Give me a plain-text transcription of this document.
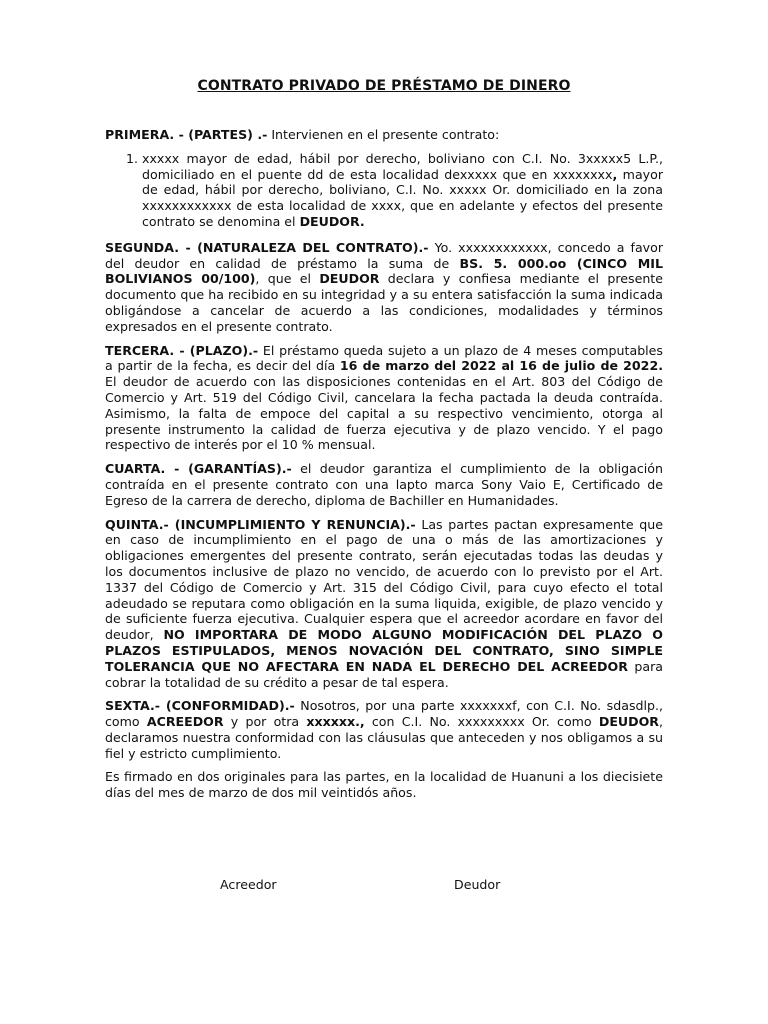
CONTRATO PRIVADO DE PRÉSTAMO DE DINERO

PRIMERA. - (PARTES) .- Intervienen en el presente contrato:

1. xxxxx mayor de edad, hábil por derecho, boliviano con C.I. No. 3xxxxx5 L.P., domiciliado en el puente dd de esta localidad dexxxxx que en xxxxxxxx, mayor de edad, hábil por derecho, boliviano, C.I. No. xxxxx Or. domiciliado en la zona xxxxxxxxxxxx de esta localidad de xxxx, que en adelante y efectos del presente contrato se denomina el DEUDOR.

SEGUNDA. - (NATURALEZA DEL CONTRATO).- Yo. xxxxxxxxxxxx, concedo a favor del deudor en calidad de préstamo la suma de BS. 5. 000.oo (CINCO MIL BOLIVIANOS 00/100), que el DEUDOR declara y confiesa mediante el presente documento que ha recibido en su integridad y a su entera satisfacción la suma indicada obligándose a cancelar de acuerdo a las condiciones, modalidades y términos expresados en el presente contrato.

TERCERA. - (PLAZO).- El préstamo queda sujeto a un plazo de 4 meses computables a partir de la fecha, es decir del día 16 de marzo del 2022 al 16 de julio de 2022. El deudor de acuerdo con las disposiciones contenidas en el Art. 803 del Código de Comercio y Art. 519 del Código Civil, cancelara la fecha pactada la deuda contraída. Asimismo, la falta de empoce del capital a su respectivo vencimiento, otorga al presente instrumento la calidad de fuerza ejecutiva y de plazo vencido. Y el pago respectivo de interés por el 10 % mensual.

CUARTA. - (GARANTÍAS).- el deudor garantiza el cumplimiento de la obligación contraída en el presente contrato con una lapto marca Sony Vaio E, Certificado de Egreso de la carrera de derecho, diploma de Bachiller en Humanidades.

QUINTA.- (INCUMPLIMIENTO Y RENUNCIA).- Las partes pactan expresamente que en caso de incumplimiento en el pago de una o más de las amortizaciones y obligaciones emergentes del presente contrato, serán ejecutadas todas las deudas y los documentos inclusive de plazo no vencido, de acuerdo con lo previsto por el Art. 1337 del Código de Comercio y Art. 315 del Código Civil, para cuyo efecto el total adeudado se reputara como obligación en la suma liquida, exigible, de plazo vencido y de suficiente fuerza ejecutiva. Cualquier espera que el acreedor acordare en favor del deudor, NO IMPORTARA DE MODO ALGUNO MODIFICACIÓN DEL PLAZO O PLAZOS ESTIPULADOS, MENOS NOVACIÓN DEL CONTRATO, SINO SIMPLE TOLERANCIA QUE NO AFECTARA EN NADA EL DERECHO DEL ACREEDOR para cobrar la totalidad de su crédito a pesar de tal espera.

SEXTA.- (CONFORMIDAD).- Nosotros, por una parte xxxxxxxf, con C.I. No. sdasdlp., como ACREEDOR y por otra xxxxxx., con C.I. No. xxxxxxxxx Or. como DEUDOR, declaramos nuestra conformidad con las cláusulas que anteceden y nos obligamos a su fiel y estricto cumplimiento.

Es firmado en dos originales para las partes, en la localidad de Huanuni a los diecisiete días del mes de marzo de dos mil veintidós años.

Acreedor	Deudor
